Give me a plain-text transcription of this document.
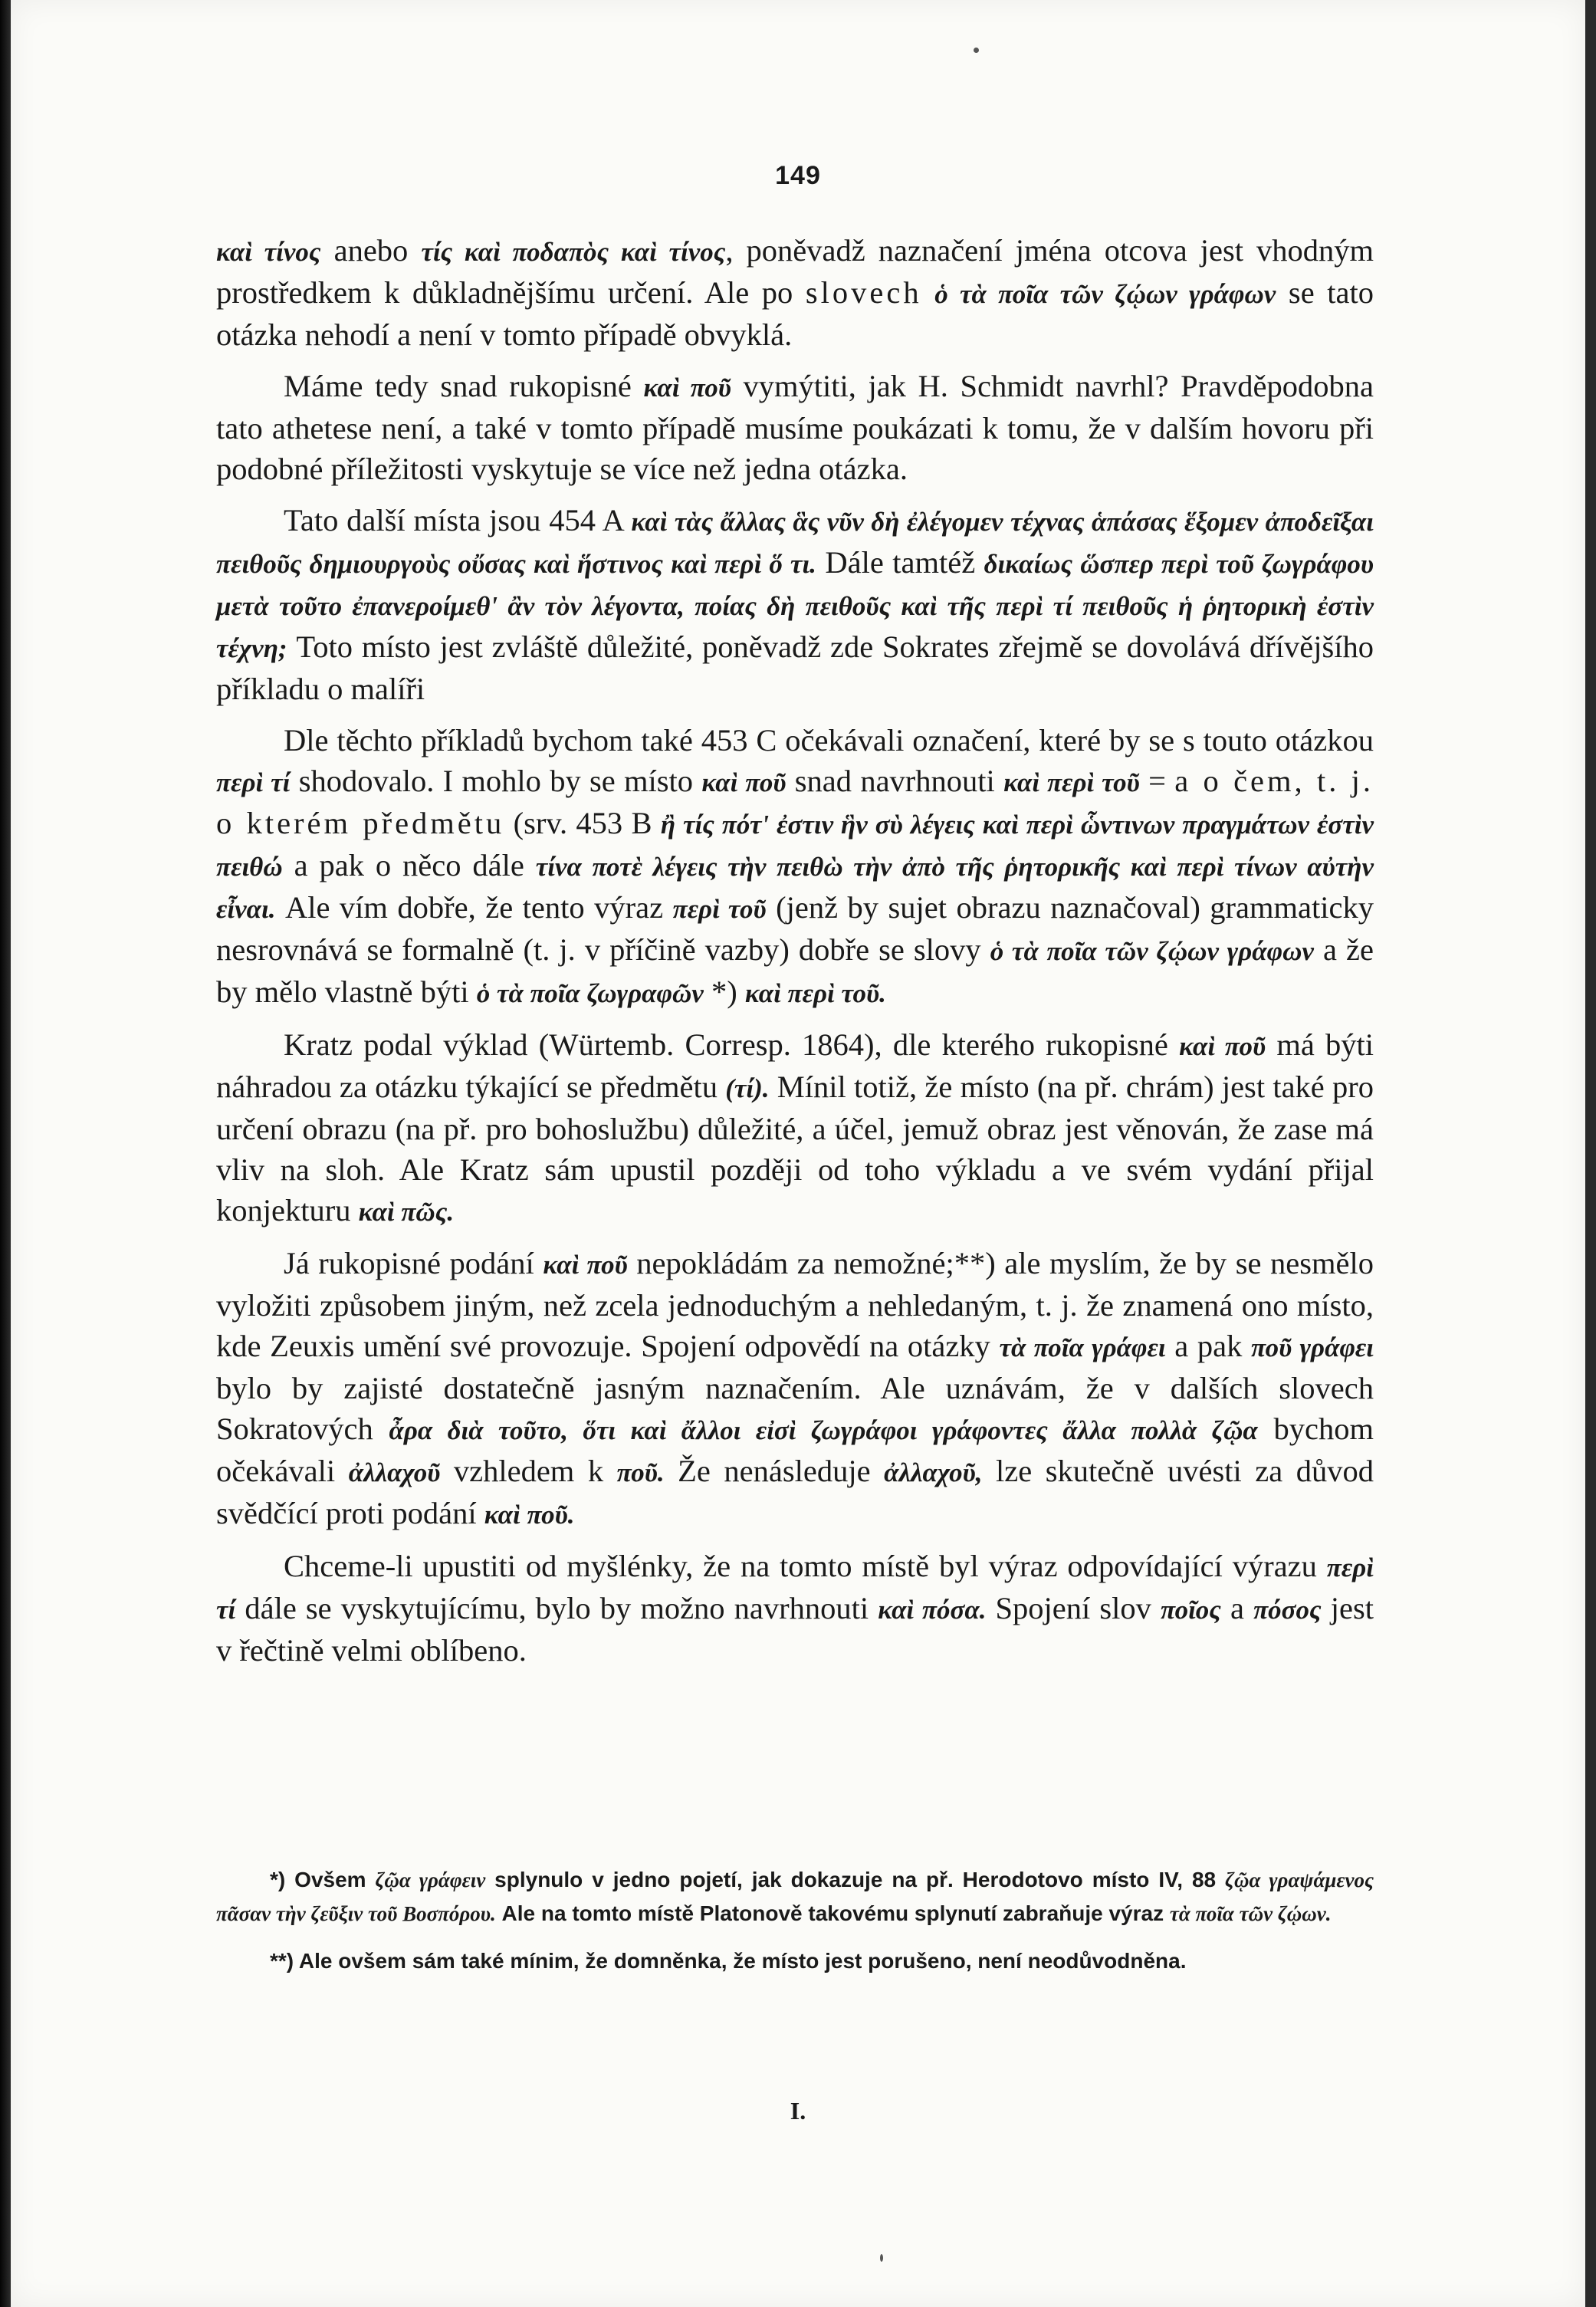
149

καὶ τίνος anebo τίς καὶ ποδαπὸς καὶ τίνος, poněvadž naznačení jména otcova jest vhodným prostředkem k důkladnějšímu určení. Ale po slovech ὁ τὰ ποῖα τῶν ζῴων γράφων se tato otázka nehodí a není v tomto případě obvyklá.

Máme tedy snad rukopisné καὶ ποῦ vymýtiti, jak H. Schmidt navrhl? Pravděpodobna tato athetese není, a také v tomto případě musíme poukázati k tomu, že v dalším hovoru při podobné příležitosti vyskytuje se více než jedna otázka.

Tato další místa jsou 454 A καὶ τὰς ἄλλας ἃς νῦν δὴ ἐλέγομεν τέχνας ἁπάσας ἕξομεν ἀποδεῖξαι πειθοῦς δημιουργοὺς οὔσας καὶ ἥστινος καὶ περὶ ὅ τι. Dále tamtéž δικαίως ὥσπερ περὶ τοῦ ζωγράφου μετὰ τοῦτο ἐπανεροίμεθ' ἂν τὸν λέγοντα, ποίας δὴ πειθοῦς καὶ τῆς περὶ τί πειθοῦς ἡ ῥητορικὴ ἐστὶν τέχνη; Toto místo jest zvláště důležité, poněvadž zde Sokrates zřejmě se dovolává dřívějšího příkladu o malíři

Dle těchto příkladů bychom také 453 C očekávali označení, které by se s touto otázkou περὶ τί shodovalo. I mohlo by se místo καὶ ποῦ snad navrhnouti καὶ περὶ τοῦ = a o čem, t. j. o kterém předmětu (srv. 453 B ἢ τίς πότ' ἐστιν ἣν σὺ λέγεις καὶ περὶ ὧντινων πραγμάτων ἐστὶν πειθώ a pak o něco dále τίνα ποτὲ λέγεις τὴν πειθὼ τὴν ἀπὸ τῆς ῥητορικῆς καὶ περὶ τίνων αὐτὴν εἶναι. Ale vím dobře, že tento výraz περὶ τοῦ (jenž by sujet obrazu naznačoval) grammaticky nesrovnává se formalně (t. j. v příčině vazby) dobře se slovy ὁ τὰ ποῖα τῶν ζῴων γράφων a že by mělo vlastně býti ὁ τὰ ποῖα ζωγραφῶν *) καὶ περὶ τοῦ.

Kratz podal výklad (Würtemb. Corresp. 1864), dle kterého rukopisné καὶ ποῦ má býti náhradou za otázku týkající se předmětu (τί). Mínil totiž, že místo (na př. chrám) jest také pro určení obrazu (na př. pro bohoslužbu) důležité, a účel, jemuž obraz jest věnován, že zase má vliv na sloh. Ale Kratz sám upustil později od toho výkladu a ve svém vydání přijal konjekturu καὶ πῶς.

Já rukopisné podání καὶ ποῦ nepokládám za nemožné;**) ale myslím, že by se nesmělo vyložiti způsobem jiným, než zcela jednoduchým a nehledaným, t. j. že znamená ono místo, kde Zeuxis umění své provozuje. Spojení odpovědí na otázky τὰ ποῖα γράφει a pak ποῦ γράφει bylo by zajisté dostatečně jasným naznačením. Ale uznávám, že v dalších slovech Sokratových ἆρα διὰ τοῦτο, ὅτι καὶ ἄλλοι εἰσὶ ζωγράφοι γράφοντες ἄλλα πολλὰ ζῷα bychom očekávali ἀλλαχοῦ vzhledem k ποῦ. Že nenásleduje ἀλλαχοῦ, lze skutečně uvésti za důvod svědčící proti podání καὶ ποῦ.

Chceme-li upustiti od myšlénky, že na tomto místě byl výraz odpovídající výrazu περὶ τί dále se vyskytujícímu, bylo by možno navrhnouti καὶ πόσα. Spojení slov ποῖος a πόσος jest v řečtině velmi oblíbeno.

*) Ovšem ζῷα γράφειν splynulo v jedno pojetí, jak dokazuje na př. Herodotovo místo IV, 88 ζῷα γραψάμενος πᾶσαν τὴν ζεῦξιν τοῦ Βοσπόρου. Ale na tomto místě Platonově takovému splynutí zabraňuje výraz τὰ ποῖα τῶν ζῴων.

**) Ale ovšem sám také mínim, že domněnka, že místo jest porušeno, není neodůvodněna.

I.
